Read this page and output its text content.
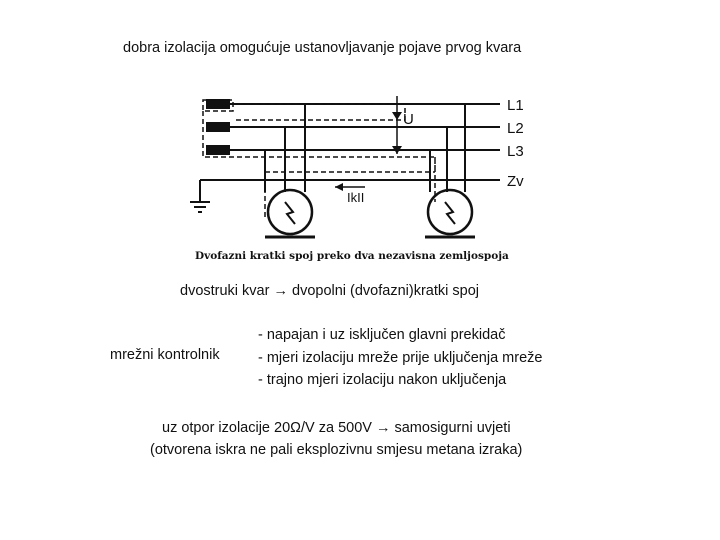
dobra izolacija omogućuje ustanovljavanje pojave prvog kvara
L1
L2
L3
Zv
U
IkII
Dvofazni kratki spoj preko dva nezavisna zemljospoja
dvostruki kvar → dvopolni (dvofazni)kratki spoj
mrežni kontrolnik
- napajan i uz isključen glavni prekidač
- mjeri izolaciju mreže prije uključenja mreže
- trajno mjeri izolaciju nakon uključenja
uz otpor izolacije 20Ω/V za 500V → samosigurni uvjeti
(otvorena iskra ne pali eksplozivnu smjesu metana izraka)
